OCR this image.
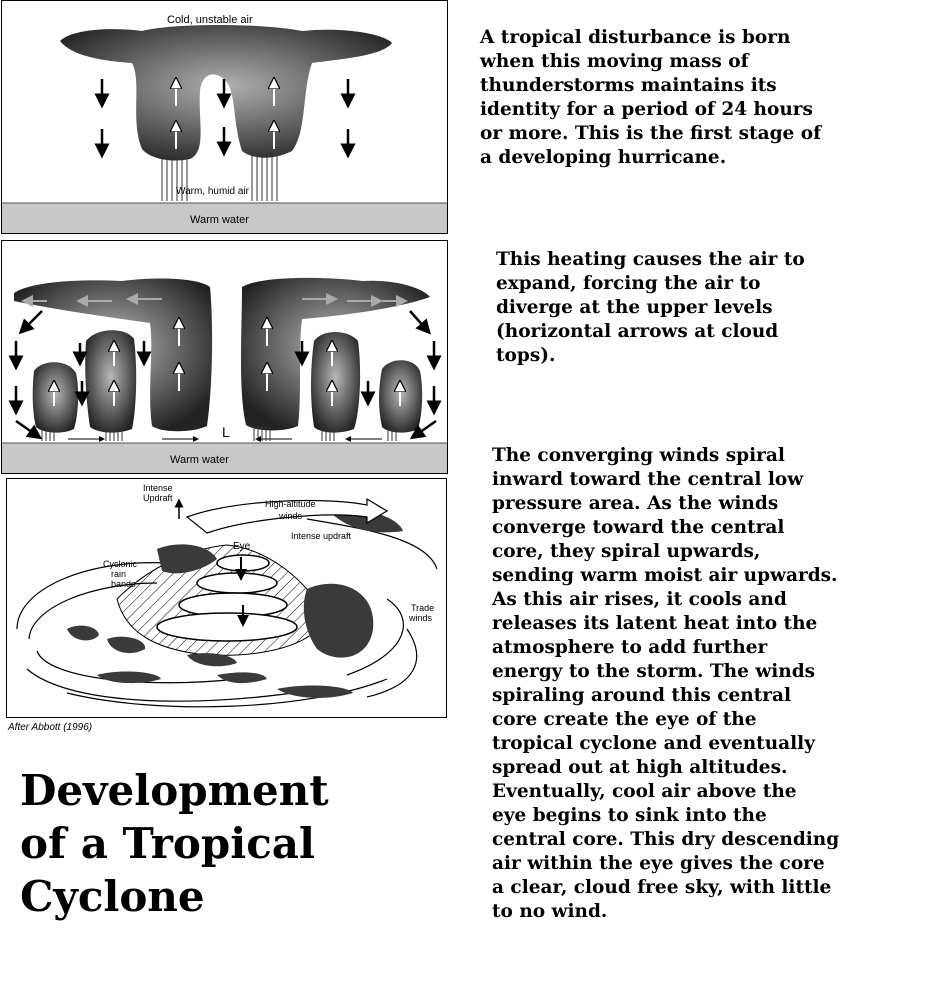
Cold, unstable air
Warm, humid air
Warm water
L
Warm water
Intense
Updraft
High-altitude
winds
Intense updraft
Eye
Cyclonic
rain
bands
Trade
winds
After Abbott (1996)

A tropical disturbance is born
when this moving mass of
thunderstorms maintains its
identity for a period of 24 hours
or more. This is the first stage of
a developing hurricane.

This heating causes the air to
expand, forcing the air to
diverge at the upper levels
(horizontal arrows at cloud
tops).

The converging winds spiral
inward toward the central low
pressure area. As the winds
converge toward the central
core, they spiral upwards,
sending warm moist air upwards.
As this air rises, it cools and
releases its latent heat into the
atmosphere to add further
energy to the storm. The winds
spiraling around this central
core create the eye of the
tropical cyclone and eventually
spread out at high altitudes.
Eventually, cool air above the
eye begins to sink into the
central core. This dry descending
air within the eye gives the core
a clear, cloud free sky, with little
to no wind.

Development
of a Tropical
Cyclone
